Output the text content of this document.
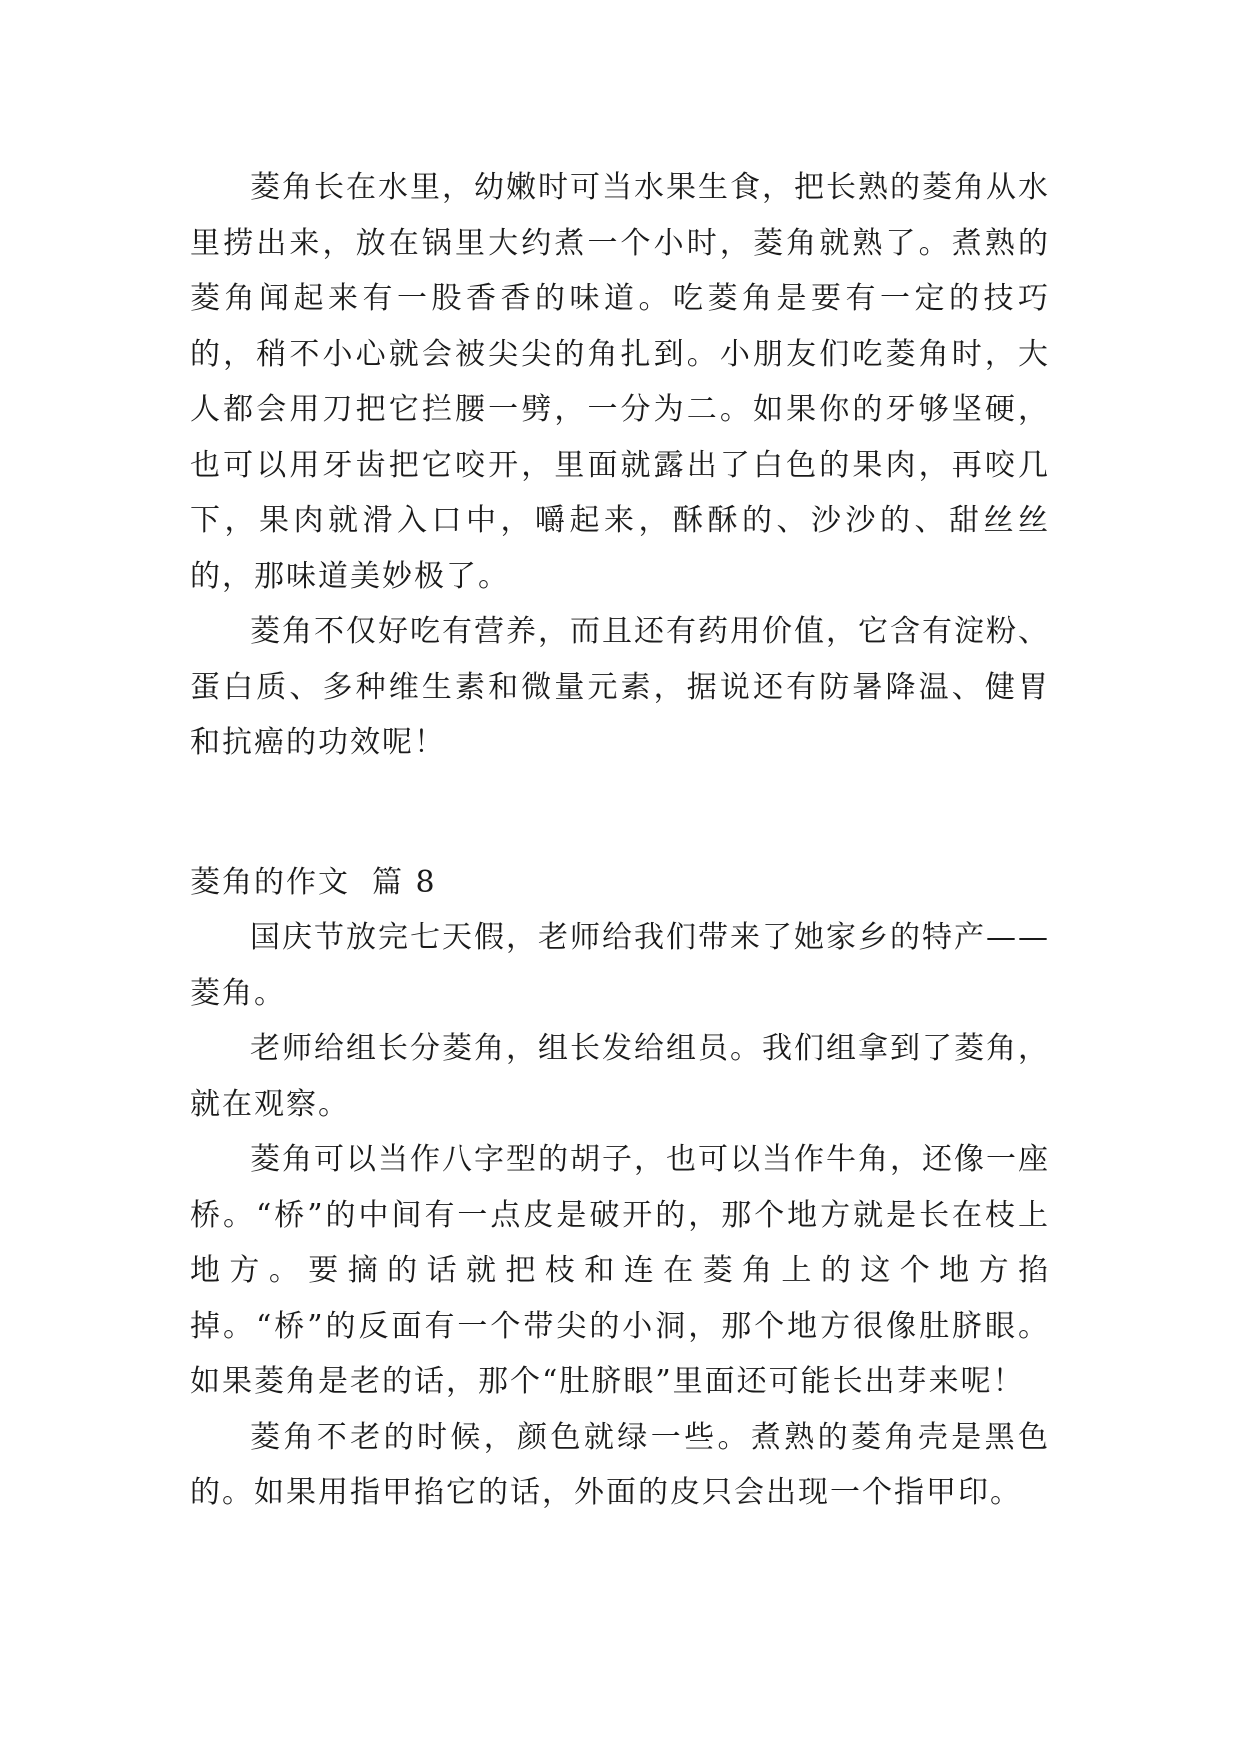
菱角长在水里，幼嫩时可当水果生食，把长熟的菱角从水里捞出来，放在锅里大约煮一个小时，菱角就熟了。煮熟的菱角闻起来有一股香香的味道。吃菱角是要有一定的技巧的，稍不小心就会被尖尖的角扎到。小朋友们吃菱角时，大人都会用刀把它拦腰一劈，一分为二。如果你的牙够坚硬，也可以用牙齿把它咬开，里面就露出了白色的果肉，再咬几下，果肉就滑入口中，嚼起来，酥酥的、沙沙的、甜丝丝的，那味道美妙极了。

菱角不仅好吃有营养，而且还有药用价值，它含有淀粉、蛋白质、多种维生素和微量元素，据说还有防暑降温、健胃和抗癌的功效呢！

菱角的作文 篇 8

国庆节放完七天假，老师给我们带来了她家乡的特产——菱角。

老师给组长分菱角，组长发给组员。我们组拿到了菱角，就在观察。

菱角可以当作八字型的胡子，也可以当作牛角，还像一座桥。“桥”的中间有一点皮是破开的，那个地方就是长在枝上地方。要摘的话就把枝和连在菱角上的这个地方掐掉。“桥”的反面有一个带尖的小洞，那个地方很像肚脐眼。如果菱角是老的话，那个“肚脐眼”里面还可能长出芽来呢！

菱角不老的时候，颜色就绿一些。煮熟的菱角壳是黑色的。如果用指甲掐它的话，外面的皮只会出现一个指甲印。
